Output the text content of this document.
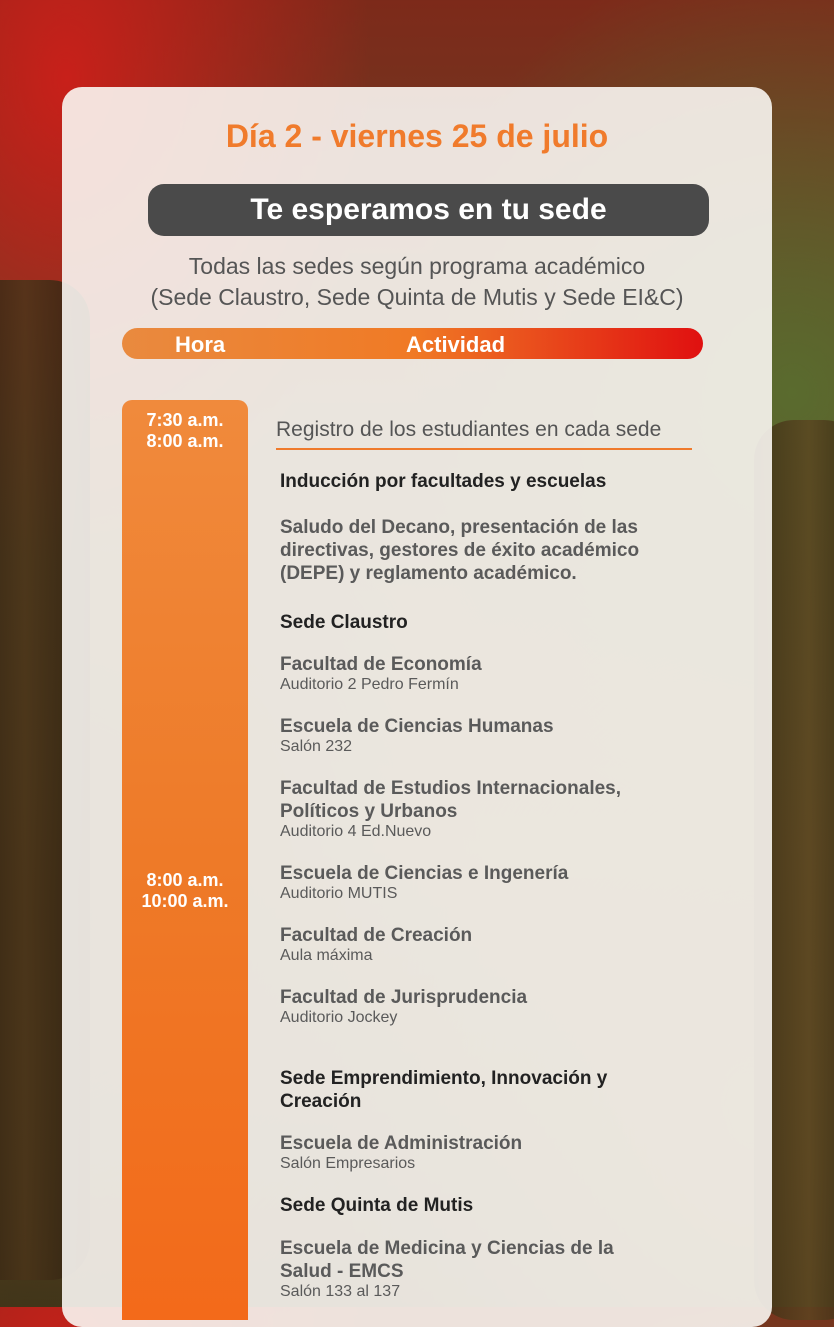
Día 2 - viernes 25 de julio
Te esperamos en tu sede
Todas las sedes según programa académico
(Sede Claustro, Sede Quinta de Mutis y Sede EI&C)
Hora	Actividad
7:30 a.m.
8:00 a.m.
8:00 a.m.
10:00 a.m.
Registro de los estudiantes en cada sede
Inducción por facultades y escuelas
Saludo del Decano, presentación de las directivas, gestores de éxito académico (DEPE) y reglamento académico.
Sede Claustro
Facultad de Economía
Auditorio 2 Pedro Fermín
Escuela de Ciencias Humanas
Salón 232
Facultad de Estudios Internacionales, Políticos y Urbanos
Auditorio 4 Ed.Nuevo
Escuela de Ciencias e Ingenería
Auditorio MUTIS
Facultad de Creación
Aula máxima
Facultad de Jurisprudencia
Auditorio Jockey
Sede Emprendimiento, Innovación y Creación
Escuela de Administración
Salón Empresarios
Sede Quinta de Mutis
Escuela de Medicina y Ciencias de la Salud - EMCS
Salón 133 al 137
